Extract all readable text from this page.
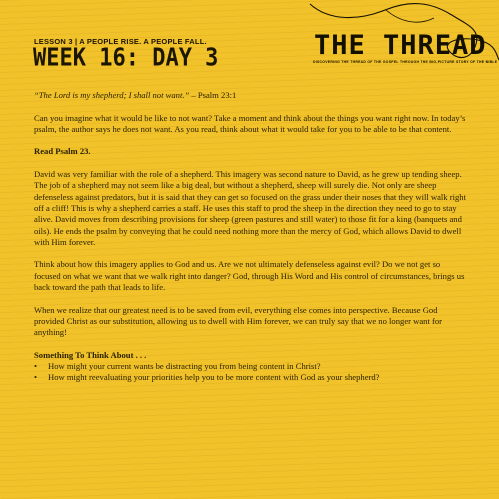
LESSON 3 | A PEOPLE RISE. A PEOPLE FALL.
WEEK 16: DAY 3	THE THREAD
DISCOVERING THE THREAD OF THE GOSPEL THROUGH THE BIG-PICTURE STORY OF THE BIBLE

“The Lord is my shepherd; I shall not want.” – Psalm 23:1

Can you imagine what it would be like to not want? Take a moment and think about the things you want right now. In today’s psalm, the author says he does not want. As you read, think about what it would take for you to be able to be that content.

Read Psalm 23.

David was very familiar with the role of a shepherd. This imagery was second nature to David, as he grew up tending sheep. The job of a shepherd may not seem like a big deal, but without a shepherd, sheep will surely die. Not only are sheep defenseless against predators, but it is said that they can get so focused on the grass under their noses that they will walk right off a cliff! This is why a shepherd carries a staff. He uses this staff to prod the sheep in the direction they need to go to stay alive. David moves from describing provisions for sheep (green pastures and still water) to those fit for a king (banquets and oils). He ends the psalm by conveying that he could need nothing more than the mercy of God, which allows David to dwell with Him forever.

Think about how this imagery applies to God and us. Are we not ultimately defenseless against evil? Do we not get so focused on what we want that we walk right into danger? God, through His Word and His control of circumstances, brings us back toward the path that leads to life.

When we realize that our greatest need is to be saved from evil, everything else comes into perspective. Because God provided Christ as our substitution, allowing us to dwell with Him forever, we can truly say that we no longer want for anything!

Something To Think About . . .
• How might your current wants be distracting you from being content in Christ?
• How might reevaluating your priorities help you to be more content with God as your shepherd?
